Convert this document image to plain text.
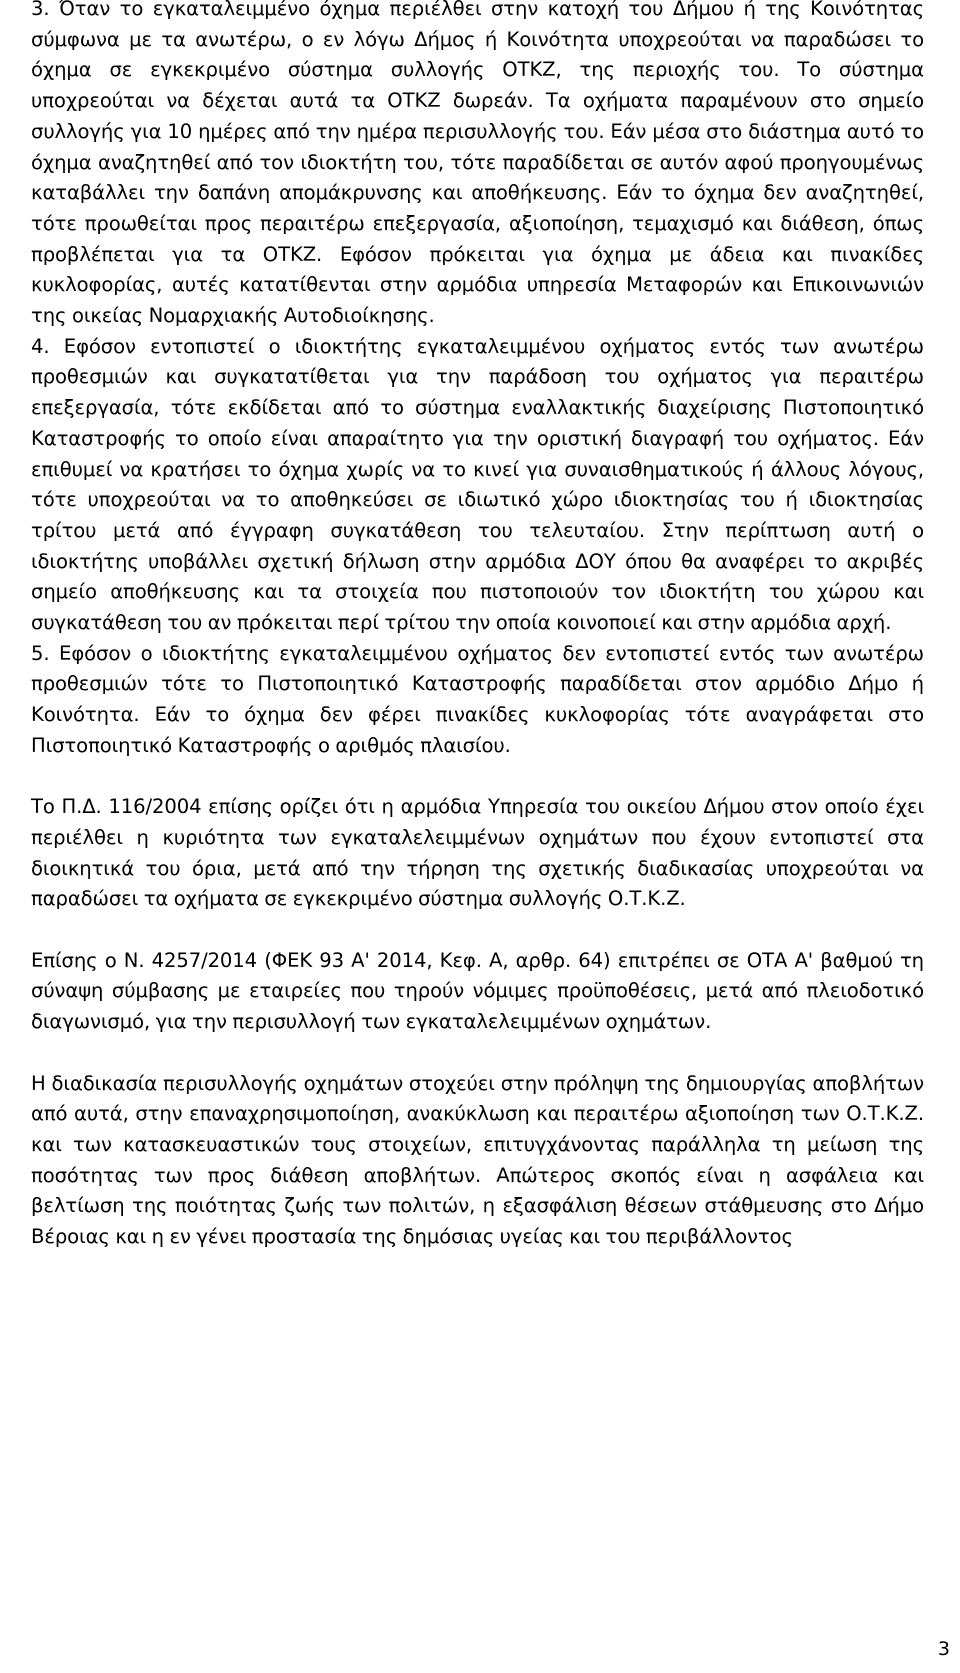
3. Όταν το εγκαταλειμμένο όχημα περιέλθει στην κατοχή του Δήμου ή της Κοινότητας σύμφωνα με τα ανωτέρω, ο εν λόγω Δήμος ή Κοινότητα υποχρεούται να παραδώσει το όχημα σε εγκεκριμένο σύστημα συλλογής ΟΤΚΖ, της περιοχής του. Το σύστημα υποχρεούται να δέχεται αυτά τα ΟΤΚΖ δωρεάν. Τα οχήματα παραμένουν στο σημείο συλλογής για 10 ημέρες από την ημέρα περισυλλογής του. Εάν μέσα στο διάστημα αυτό το όχημα αναζητηθεί από τον ιδιοκτήτη του, τότε παραδίδεται σε αυτόν αφού προηγουμένως καταβάλλει την δαπάνη απομάκρυνσης και αποθήκευσης. Εάν το όχημα δεν αναζητηθεί, τότε προωθείται προς περαιτέρω επεξεργασία, αξιοποίηση, τεμαχισμό και διάθεση, όπως προβλέπεται για τα ΟΤΚΖ. Εφόσον πρόκειται για όχημα με άδεια και πινακίδες κυκλοφορίας, αυτές κατατίθενται στην αρμόδια υπηρεσία Μεταφορών και Επικοινωνιών της οικείας Νομαρχιακής Αυτοδιοίκησης.

4. Εφόσον εντοπιστεί ο ιδιοκτήτης εγκαταλειμμένου οχήματος εντός των ανωτέρω προθεσμιών και συγκατατίθεται για την παράδοση του οχήματος για περαιτέρω επεξεργασία, τότε εκδίδεται από το σύστημα εναλλακτικής διαχείρισης Πιστοποιητικό Καταστροφής το οποίο είναι απαραίτητο για την οριστική διαγραφή του οχήματος. Εάν επιθυμεί να κρατήσει το όχημα χωρίς να το κινεί για συναισθηματικούς ή άλλους λόγους, τότε υποχρεούται να το αποθηκεύσει σε ιδιωτικό χώρο ιδιοκτησίας του ή ιδιοκτησίας τρίτου μετά από έγγραφη συγκατάθεση του τελευταίου. Στην περίπτωση αυτή ο ιδιοκτήτης υποβάλλει σχετική δήλωση στην αρμόδια ΔΟΥ όπου θα αναφέρει το ακριβές σημείο αποθήκευσης και τα στοιχεία που πιστοποιούν τον ιδιοκτήτη του χώρου και συγκατάθεση του αν πρόκειται περί τρίτου την οποία κοινοποιεί και στην αρμόδια αρχή.

5. Εφόσον ο ιδιοκτήτης εγκαταλειμμένου οχήματος δεν εντοπιστεί εντός των ανωτέρω προθεσμιών τότε το Πιστοποιητικό Καταστροφής παραδίδεται στον αρμόδιο Δήμο ή Κοινότητα. Εάν το όχημα δεν φέρει πινακίδες κυκλοφορίας τότε αναγράφεται στο Πιστοποιητικό Καταστροφής ο αριθμός πλαισίου.

Το Π.Δ. 116/2004 επίσης ορίζει ότι η αρμόδια Υπηρεσία του οικείου Δήμου στον οποίο έχει περιέλθει η κυριότητα των εγκαταλελειμμένων οχημάτων που έχουν εντοπιστεί στα διοικητικά του όρια, μετά από την τήρηση της σχετικής διαδικασίας υποχρεούται να παραδώσει τα οχήματα σε εγκεκριμένο σύστημα συλλογής Ο.Τ.Κ.Ζ.

Επίσης ο Ν. 4257/2014 (ΦΕΚ 93 Α' 2014, Κεφ. Α, αρθρ. 64) επιτρέπει σε ΟΤΑ Α' βαθμού τη σύναψη σύμβασης με εταιρείες που τηρούν νόμιμες προϋποθέσεις, μετά από πλειοδοτικό διαγωνισμό, για την περισυλλογή των εγκαταλελειμμένων οχημάτων.

Η διαδικασία περισυλλογής οχημάτων στοχεύει στην πρόληψη της δημιουργίας αποβλήτων από αυτά, στην επαναχρησιμοποίηση, ανακύκλωση και περαιτέρω αξιοποίηση των Ο.Τ.Κ.Ζ. και των κατασκευαστικών τους στοιχείων, επιτυγχάνοντας παράλληλα τη μείωση της ποσότητας των προς διάθεση αποβλήτων. Απώτερος σκοπός είναι η ασφάλεια και βελτίωση της ποιότητας ζωής των πολιτών, η εξασφάλιση θέσεων στάθμευσης στο Δήμο Βέροιας και η εν γένει προστασία της δημόσιας υγείας και του περιβάλλοντος

3
